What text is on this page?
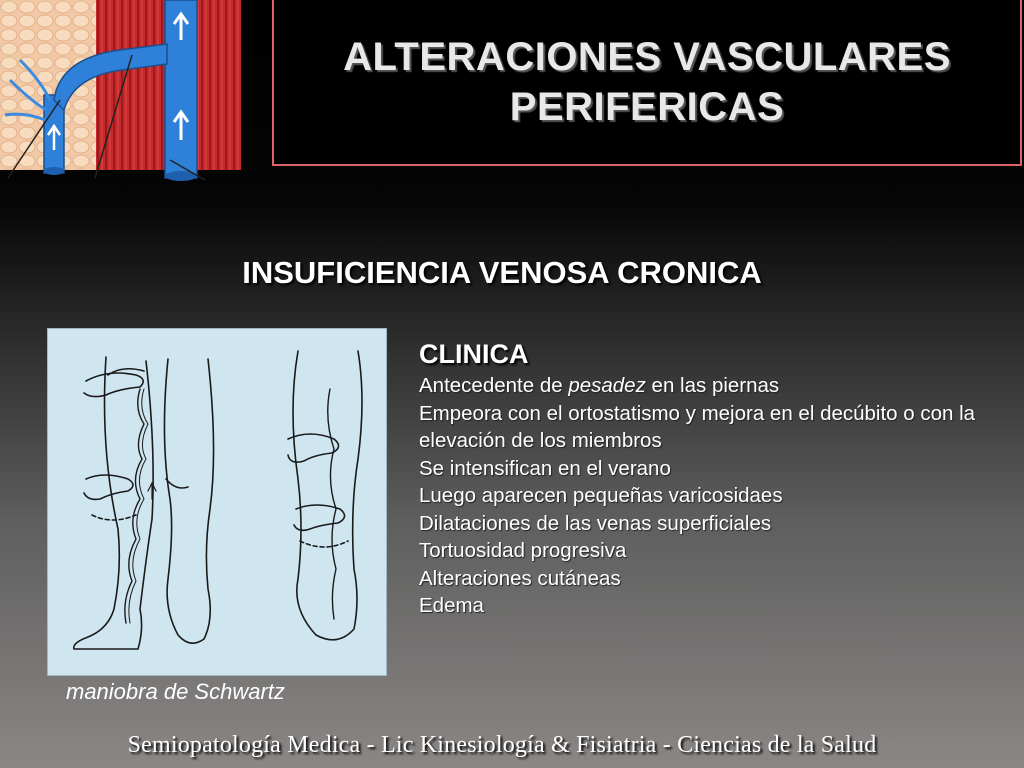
ALTERACIONES VASCULARES
PERIFERICAS
INSUFICIENCIA VENOSA CRONICA
maniobra de Schwartz
CLINICA
Antecedente de pesadez en las piernas
Empeora con el ortostatismo y mejora en el decúbito o con la elevación de los miembros
Se intensifican en el verano
Luego aparecen pequeñas varicosidaes
Dilataciones de las venas superficiales
Tortuosidad progresiva
Alteraciones cutáneas
Edema
Semiopatología Medica - Lic Kinesiología & Fisiatria - Ciencias de la Salud
